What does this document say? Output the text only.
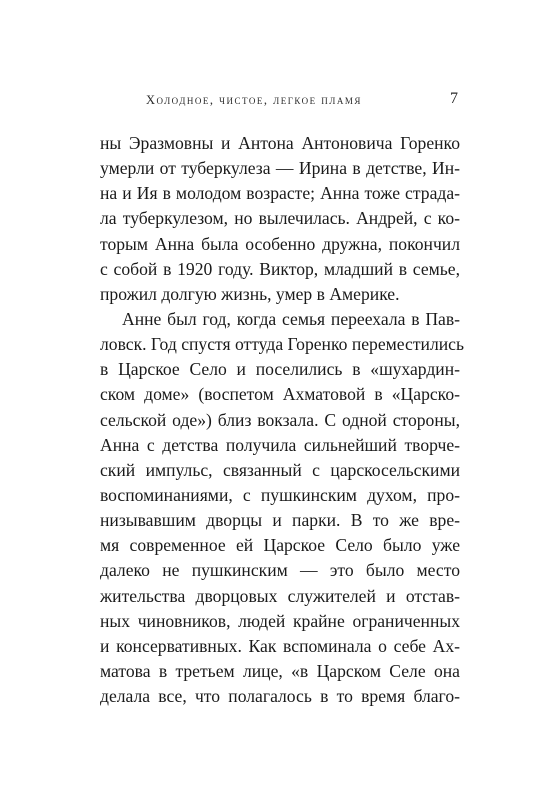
Холодное, чистое, легкое пламя	7
ны Эразмовны и Антона Антоновича Горенко
умерли от туберкулеза — Ирина в детстве, Ин-
на и Ия в молодом возрасте; Анна тоже страда-
ла туберкулезом, но вылечилась. Андрей, с ко-
торым Анна была особенно дружна, покончил
с собой в 1920 году. Виктор, младший в семье,
прожил долгую жизнь, умер в Америке.
Анне был год, когда семья переехала в Пав-
ловск. Год спустя оттуда Горенко переместились
в Царское Село и поселились в «шухардин-
ском доме» (воспетом Ахматовой в «Царско-
сельской оде») близ вокзала. С одной стороны,
Анна с детства получила сильнейший творче-
ский импульс, связанный с царскосельскими
воспоминаниями, с пушкинским духом, про-
низывавшим дворцы и парки. В то же вре-
мя современное ей Царское Село было уже
далеко не пушкинским — это было место
жительства дворцовых служителей и отстав-
ных чиновников, людей крайне ограниченных
и консервативных. Как вспоминала о себе Ах-
матова в третьем лице, «в Царском Селе она
делала все, что полагалось в то время благо-
